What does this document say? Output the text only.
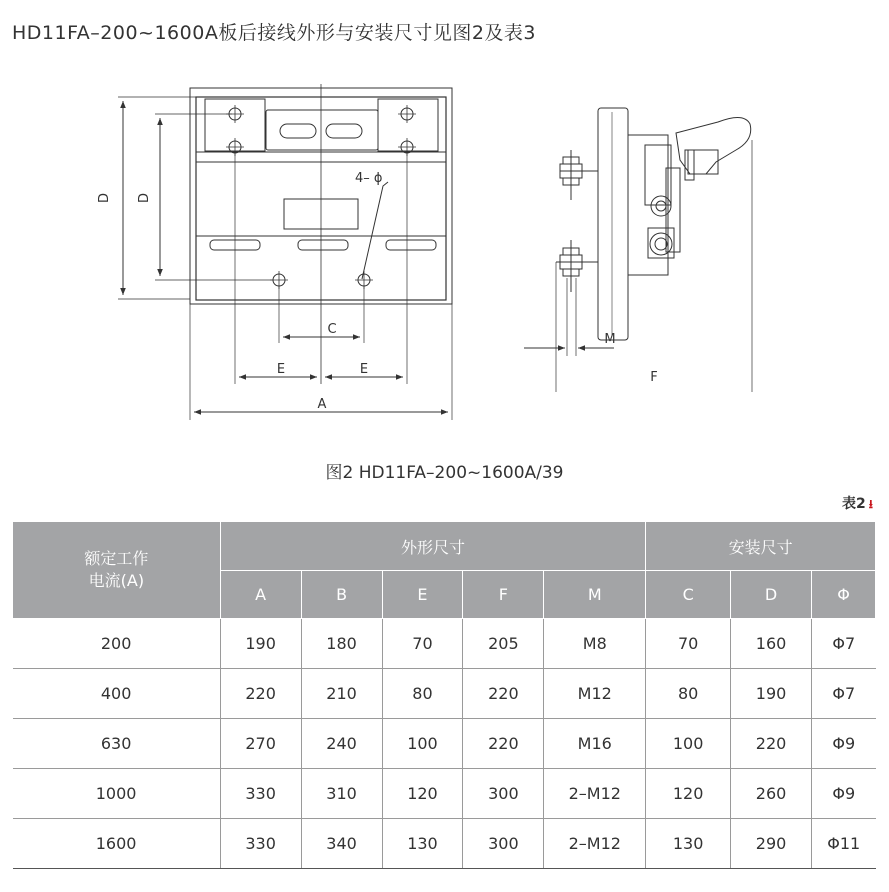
HD11FA–200~1600A板后接线外形与安装尺寸见图2及表3
D D
4– ϕ
C
E	E
A
M
F
图2 HD11FA–200~1600A/39
表2 ⭳
额定工作
电流(A)	外形尺寸					安装尺寸		
	A	B	E	F	M	C	D	Φ
200	190	180	70	205	M8	70	160	Φ7
400	220	210	80	220	M12	80	190	Φ7
630	270	240	100	220	M16	100	220	Φ9
1000	330	310	120	300	2–M12	120	260	Φ9
1600	330	340	130	300	2–M12	130	290	Φ11
